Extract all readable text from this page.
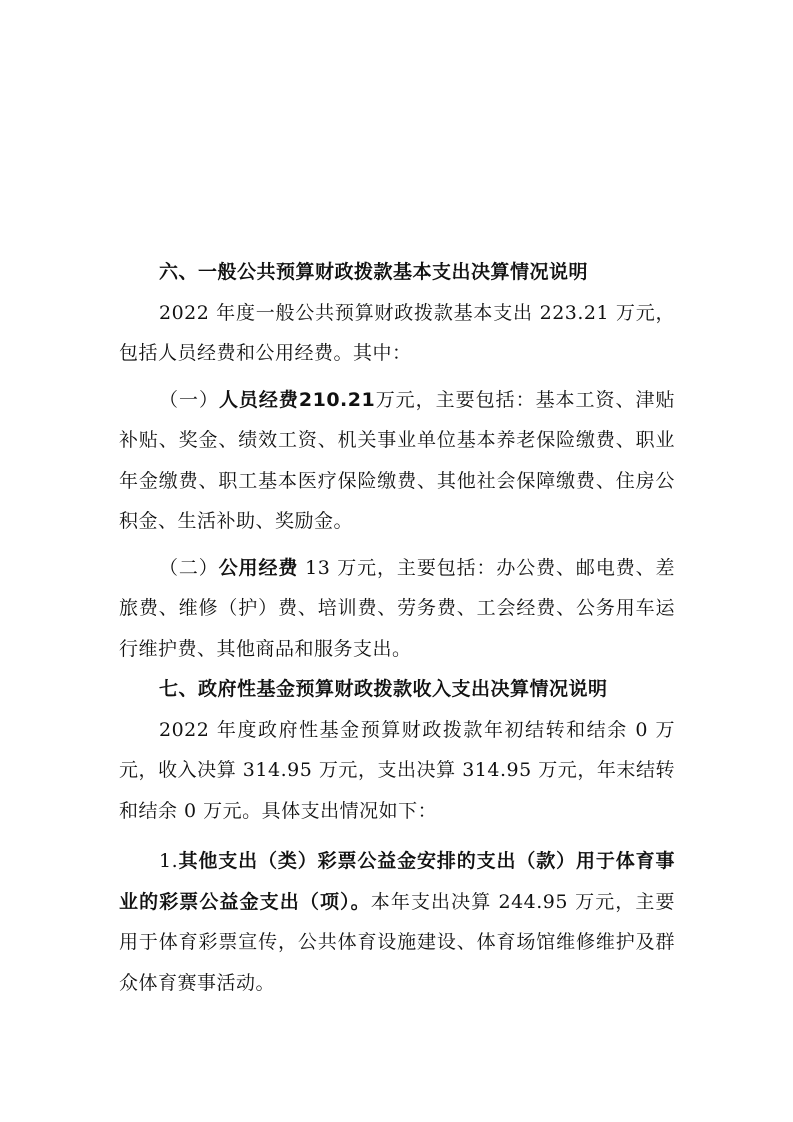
六、一般公共预算财政拨款基本支出决算情况说明

2022 年度一般公共预算财政拨款基本支出 223.21 万元，包括人员经费和公用经费。其中：

（一）人员经费210.21万元，主要包括：基本工资、津贴补贴、奖金、绩效工资、机关事业单位基本养老保险缴费、职业年金缴费、职工基本医疗保险缴费、其他社会保障缴费、住房公积金、生活补助、奖励金。

（二）公用经费 13 万元，主要包括：办公费、邮电费、差旅费、维修（护）费、培训费、劳务费、工会经费、公务用车运行维护费、其他商品和服务支出。

七、政府性基金预算财政拨款收入支出决算情况说明

2022 年度政府性基金预算财政拨款年初结转和结余 0 万元，收入决算 314.95 万元，支出决算 314.95 万元，年末结转和结余 0 万元。具体支出情况如下：

1.其他支出（类）彩票公益金安排的支出（款）用于体育事业的彩票公益金支出（项）。本年支出决算 244.95 万元，主要用于体育彩票宣传，公共体育设施建设、体育场馆维修维护及群众体育赛事活动。
